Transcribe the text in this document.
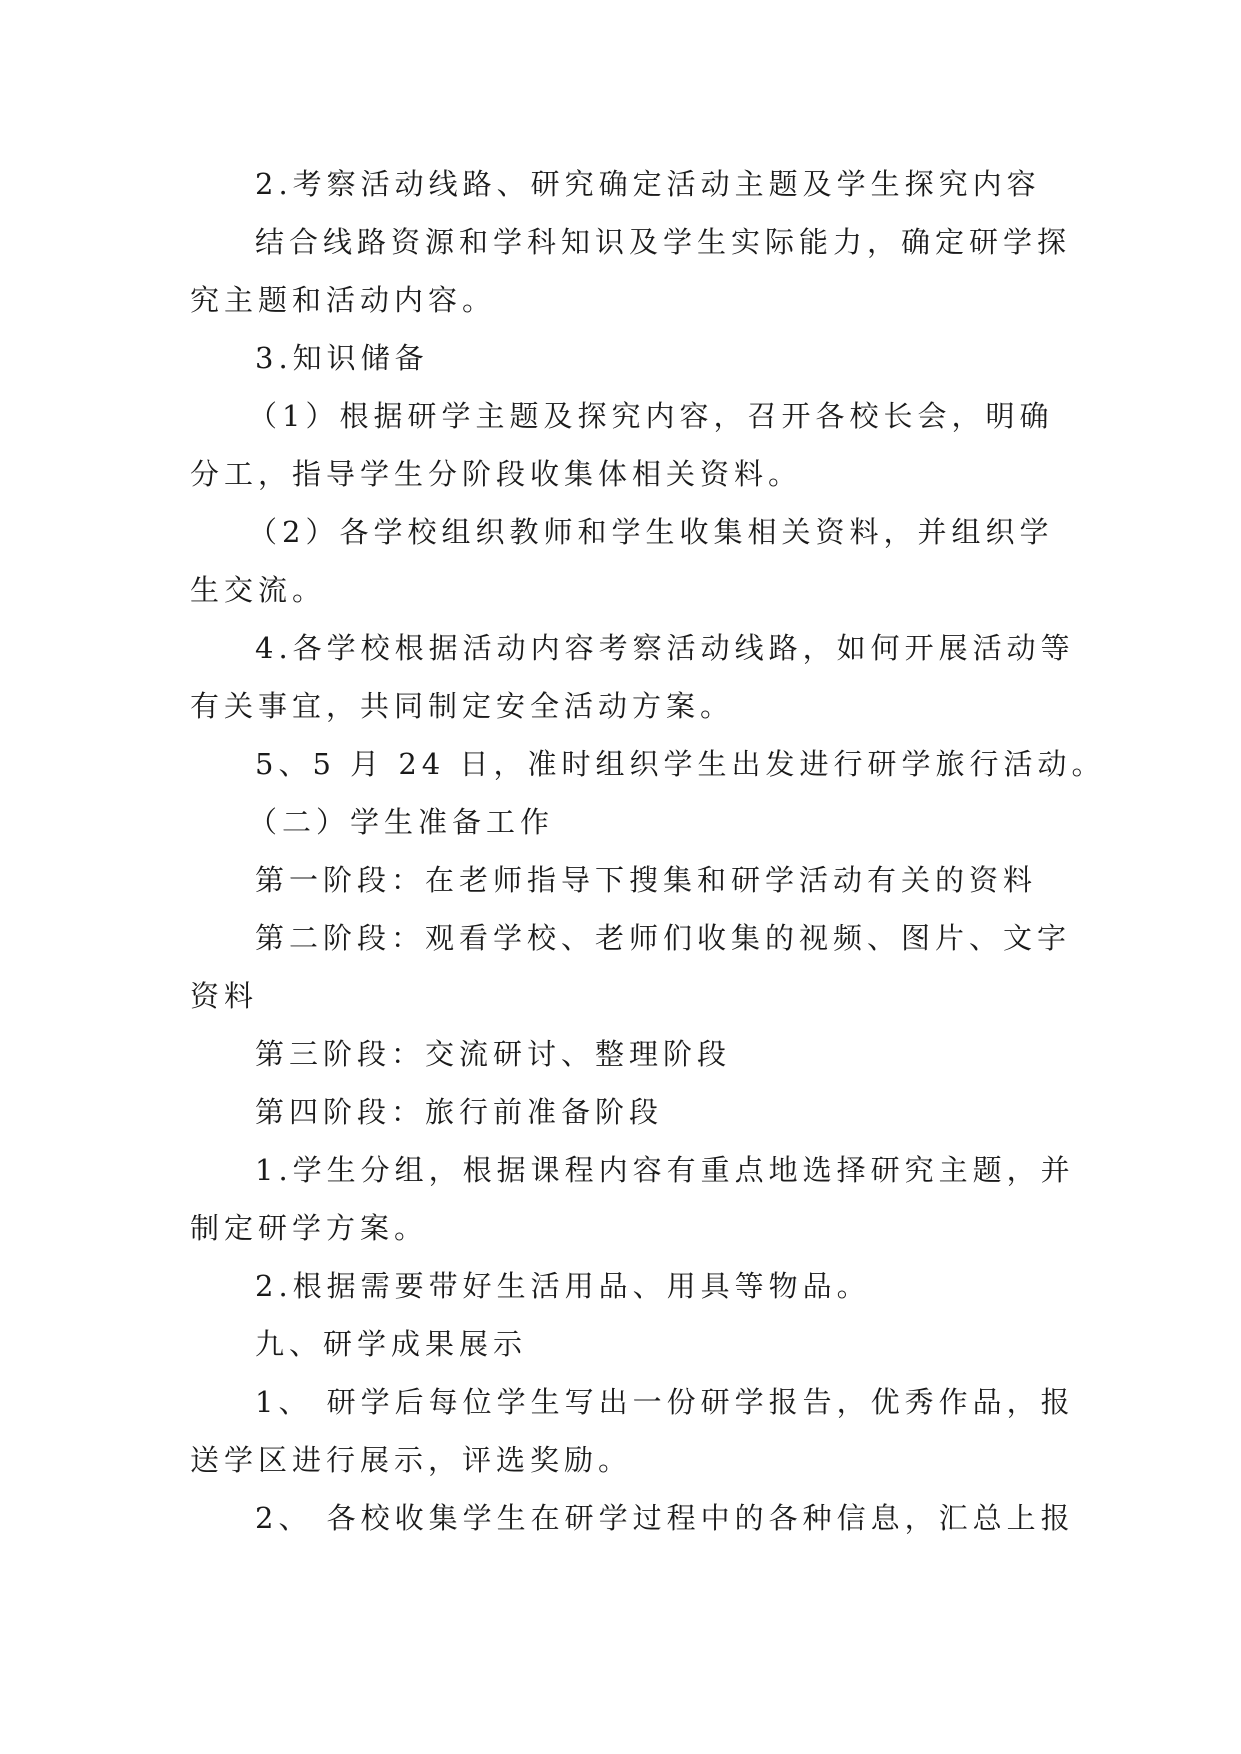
2.考察活动线路、研究确定活动主题及学生探究内容
结合线路资源和学科知识及学生实际能力，确定研学探
究主题和活动内容。
3.知识储备
（1）根据研学主题及探究内容，召开各校长会，明确
分工，指导学生分阶段收集体相关资料。
（2）各学校组织教师和学生收集相关资料，并组织学
生交流。
4.各学校根据活动内容考察活动线路，如何开展活动等
有关事宜，共同制定安全活动方案。
5、5 月 24 日，准时组织学生出发进行研学旅行活动。
（二）学生准备工作
第一阶段：在老师指导下搜集和研学活动有关的资料
第二阶段：观看学校、老师们收集的视频、图片、文字
资料
第三阶段：交流研讨、整理阶段
第四阶段：旅行前准备阶段
1.学生分组，根据课程内容有重点地选择研究主题，并
制定研学方案。
2.根据需要带好生活用品、用具等物品。
九、研学成果展示
1、 研学后每位学生写出一份研学报告，优秀作品，报
送学区进行展示，评选奖励。
2、 各校收集学生在研学过程中的各种信息，汇总上报
